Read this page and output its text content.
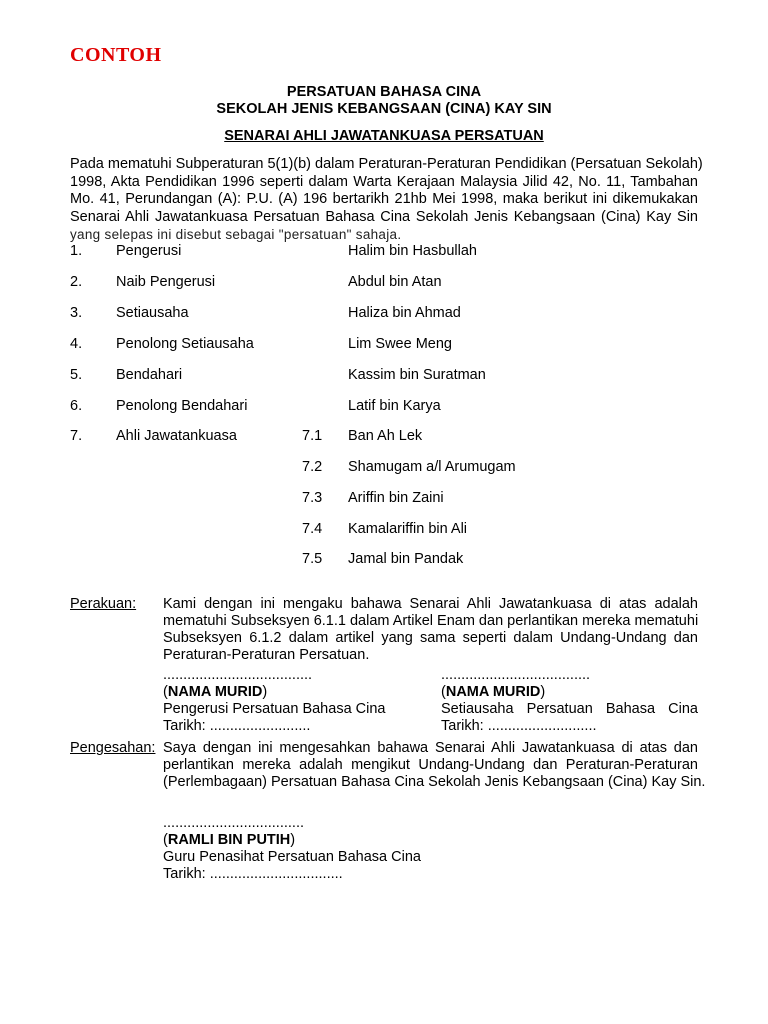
CONTOH
PERSATUAN BAHASA CINA
SEKOLAH JENIS KEBANGSAAN (CINA) KAY SIN
SENARAI AHLI JAWATANKUASA PERSATUAN
Pada mematuhi Subperaturan 5(1)(b) dalam Peraturan-Peraturan Pendidikan (Persatuan Sekolah)
1998, Akta Pendidikan 1996 seperti dalam Warta Kerajaan Malaysia Jilid 42, No. 11, Tambahan
Mo. 41, Perundangan (A): P.U. (A) 196 bertarikh 21hb Mei 1998, maka berikut ini dikemukakan
Senarai Ahli Jawatankuasa Persatuan Bahasa Cina Sekolah Jenis Kebangsaan (Cina) Kay Sin
yang selepas ini disebut sebagai "persatuan" sahaja.
1. Pengerusi	Halim bin Hasbullah
2. Naib Pengerusi	Abdul bin Atan
3. Setiausaha	Haliza bin Ahmad
4. Penolong Setiausaha	Lim Swee Meng
5. Bendahari	Kassim bin Suratman
6. Penolong Bendahari	Latif bin Karya
7. Ahli Jawatankuasa	7.1 Ban Ah Lek
7.2 Shamugam a/l Arumugam
7.3 Ariffin bin Zaini
7.4 Kamalariffin bin Ali
7.5 Jamal bin Pandak
Perakuan: Kami dengan ini mengaku bahawa Senarai Ahli Jawatankuasa di atas adalah
mematuhi Subseksyen 6.1.1 dalam Artikel Enam dan perlantikan mereka mematuhi
Subseksyen 6.1.2 dalam artikel yang sama seperti dalam Undang-Undang dan
Peraturan-Peraturan Persatuan.
.....................................
(NAMA MURID)
Pengerusi Persatuan Bahasa Cina
Tarikh: .........................
.....................................
(NAMA MURID)
Setiausaha Persatuan Bahasa Cina
Tarikh: ...........................
Pengesahan: Saya dengan ini mengesahkan bahawa Senarai Ahli Jawatankuasa di atas dan
perlantikan mereka adalah mengikut Undang-Undang dan Peraturan-Peraturan
(Perlembagaan) Persatuan Bahasa Cina Sekolah Jenis Kebangsaan (Cina) Kay Sin.
...................................
(RAMLI BIN PUTIH)
Guru Penasihat Persatuan Bahasa Cina
Tarikh: .................................
